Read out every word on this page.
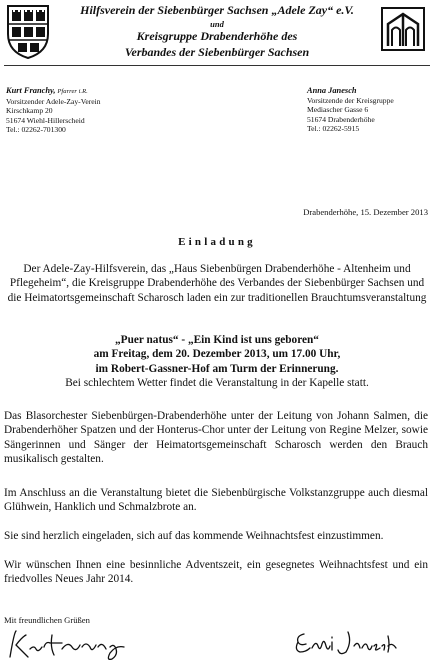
Hilfsverein der Siebenbürger Sachsen „Adele Zay“ e.V.
und
Kreisgruppe Drabenderhöhe des
Verbandes der Siebenbürger Sachsen
Kurt Franchy, Pfarrer i.R.
Vorsitzender Adele-Zay-Verein
Kirschkamp 20
51674 Wiehl-Hillerscheid
Tel.: 02262-701300
Anna Janesch
Vorsitzende der Kreisgruppe
Mediascher Gasse 6
51674 Drabenderhöhe
Tel.: 02262-5915
Drabenderhöhe, 15. Dezember 2013
Einladung
Der Adele-Zay-Hilfsverein, das „Haus Siebenbürgen Drabenderhöhe - Altenheim und Pflegeheim“, die Kreisgruppe Drabenderhöhe des Verbandes der Siebenbürger Sachsen und die Heimatortsgemeinschaft Scharosch laden ein zur traditionellen Brauchtumsveranstaltung
„Puer natus“ - „Ein Kind ist uns geboren“
am Freitag, dem 20. Dezember 2013, um 17.00 Uhr,
im Robert-Gassner-Hof am Turm der Erinnerung.
Bei schlechtem Wetter findet die Veranstaltung in der Kapelle statt.
Das Blasorchester Siebenbürgen-Drabenderhöhe unter der Leitung von Johann Salmen, die Drabenderhöher Spatzen und der Honterus-Chor unter der Leitung von Regine Melzer, sowie Sängerinnen und Sänger der Heimatortsgemeinschaft Scharosch werden den Brauch musikalisch gestalten.
Im Anschluss an die Veranstaltung bietet die Siebenbürgische Volkstanzgruppe auch diesmal Glühwein, Hanklich und Schmalzbrote an.
Sie sind herzlich eingeladen, sich auf das kommende Weihnachtsfest einzustimmen.
Wir wünschen Ihnen eine besinnliche Adventszeit, ein gesegnetes Weihnachtsfest und ein friedvolles Neues Jahr 2014.
Mit freundlichen Grüßen
